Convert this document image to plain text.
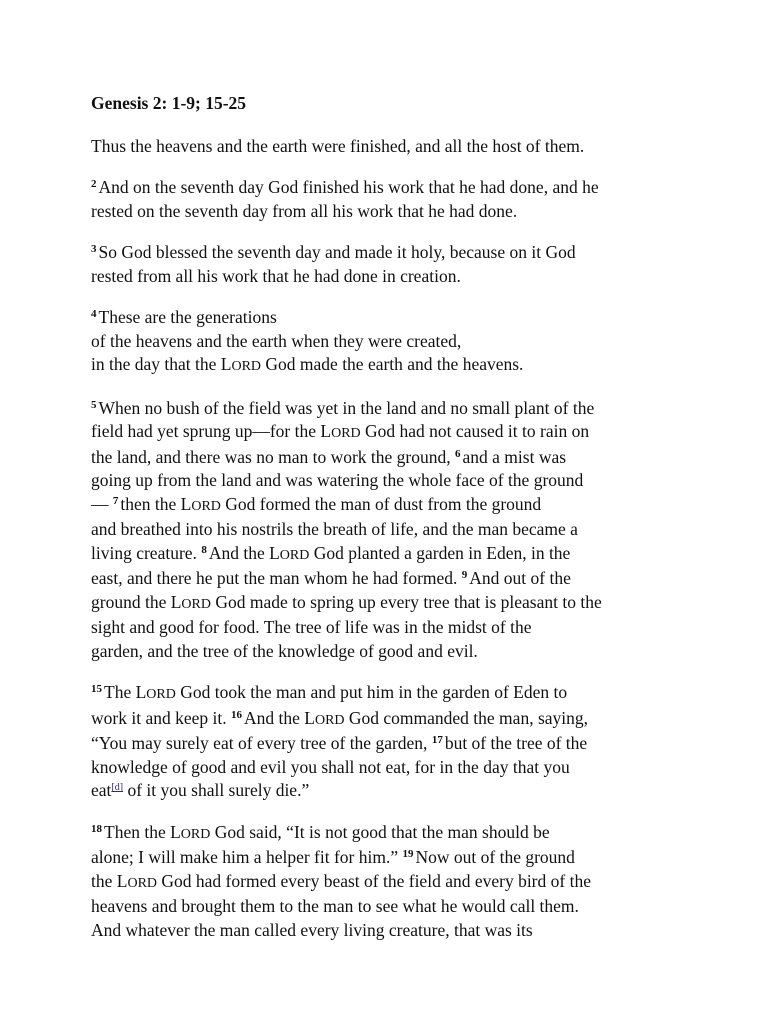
Genesis 2: 1-9; 15-25
Thus the heavens and the earth were finished, and all the host of them.
$^2$ And on the seventh day God finished his work that he had done, and he
rested on the seventh day from all his work that he had done.
$^3$ So God blessed the seventh day and made it holy, because on it God
rested from all his work that he had done in creation.
$^4$ These are the generations
of the heavens and the earth when they were created,
in the day that the LORD God made the earth and the heavens.
$^5$ When no bush of the field was yet in the land and no small plant of the
field had yet sprung up—for the LORD God had not caused it to rain on
the land, and there was no man to work the ground, $^6$ and a mist was
going up from the land and was watering the whole face of the ground
— $^7$ then the LORD God formed the man of dust from the ground
and breathed into his nostrils the breath of life, and the man became a
living creature. $^8$ And the LORD God planted a garden in Eden, in the
east, and there he put the man whom he had formed. $^9$ And out of the
ground the LORD God made to spring up every tree that is pleasant to the
sight and good for food. The tree of life was in the midst of the
garden, and the tree of the knowledge of good and evil.
$^{15}$ The LORD God took the man and put him in the garden of Eden to
work it and keep it. $^{16}$ And the LORD God commanded the man, saying,
“You may surely eat of every tree of the garden, $^{17}$ but of the tree of the
knowledge of good and evil you shall not eat, for in the day that you
eat[d] of it you shall surely die.”
$^{18}$ Then the LORD God said, “It is not good that the man should be
alone; I will make him a helper fit for him.” $^{19}$ Now out of the ground
the LORD God had formed every beast of the field and every bird of the
heavens and brought them to the man to see what he would call them.
And whatever the man called every living creature, that was its
